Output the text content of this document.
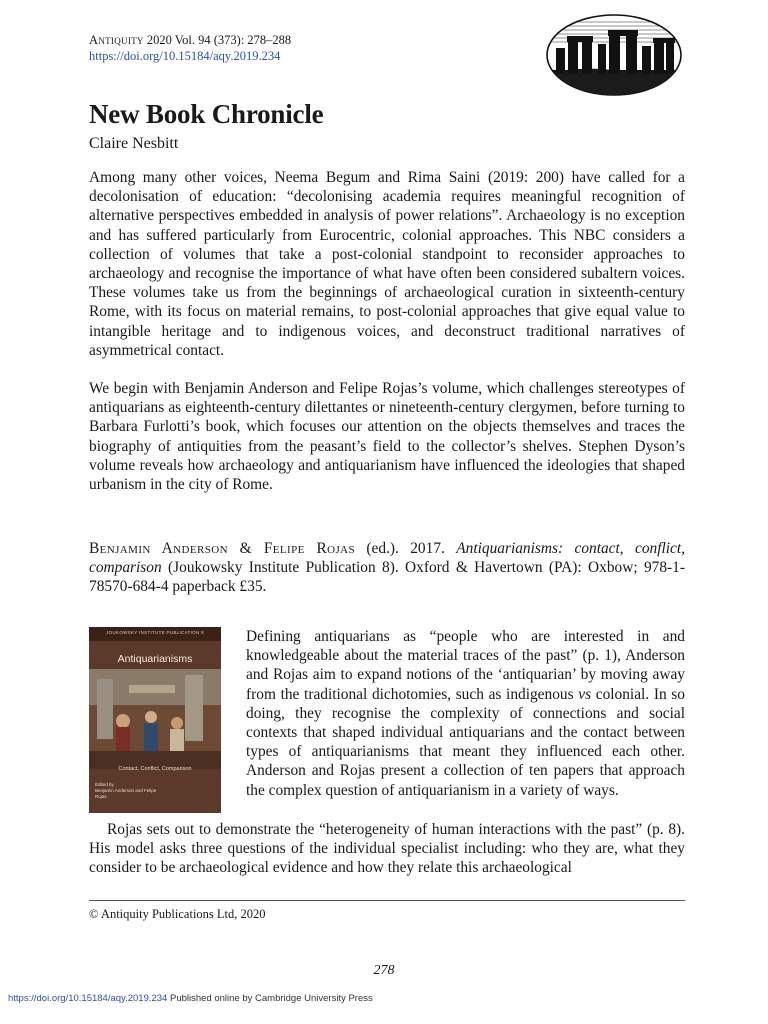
Antiquity 2020 Vol. 94 (373): 278–288
https://doi.org/10.15184/aqy.2019.234

New Book Chronicle

Claire Nesbitt

Among many other voices, Neema Begum and Rima Saini (2019: 200) have called for a decolonisation of education: “decolonising academia requires meaningful recognition of alternative perspectives embedded in analysis of power relations”. Archaeology is no exception and has suffered particularly from Eurocentric, colonial approaches. This NBC considers a collection of volumes that take a post-colonial standpoint to reconsider approaches to archaeology and recognise the importance of what have often been considered subaltern voices. These volumes take us from the beginnings of archaeological curation in sixteenth-century Rome, with its focus on material remains, to post-colonial approaches that give equal value to intangible heritage and to indigenous voices, and deconstruct traditional narratives of asymmetrical contact.

We begin with Benjamin Anderson and Felipe Rojas’s volume, which challenges stereotypes of antiquarians as eighteenth-century dilettantes or nineteenth-century clergymen, before turning to Barbara Furlotti’s book, which focuses our attention on the objects themselves and traces the biography of antiquities from the peasant’s field to the collector’s shelves. Stephen Dyson’s volume reveals how archaeology and antiquarianism have influenced the ideologies that shaped urbanism in the city of Rome.

Benjamin Anderson & Felipe Rojas (ed.). 2017. Antiquarianisms: contact, conflict, comparison (Joukowsky Institute Publication 8). Oxford & Havertown (PA): Oxbow; 978-1-78570-684-4 paperback £35.

JOUKOWSKY INSTITUTE PUBLICATION 8
Antiquarianisms
Contact, Conflict, Comparison
Edited by
Benjamin Anderson and Felipe Rojas

Defining antiquarians as “people who are interested in and knowledgeable about the material traces of the past” (p. 1), Anderson and Rojas aim to expand notions of the ‘antiquarian’ by moving away from the traditional dichotomies, such as indigenous vs colonial. In so doing, they recognise the complexity of connections and social contexts that shaped individual antiquarians and the contact between types of antiquarianisms that meant they influenced each other. Anderson and Rojas present a collection of ten papers that approach the complex question of antiquarianism in a variety of ways.

Rojas sets out to demonstrate the “heterogeneity of human interactions with the past” (p. 8). His model asks three questions of the individual specialist including: who they are, what they consider to be archaeological evidence and how they relate this archaeological

© Antiquity Publications Ltd, 2020

278

https://doi.org/10.15184/aqy.2019.234 Published online by Cambridge University Press
